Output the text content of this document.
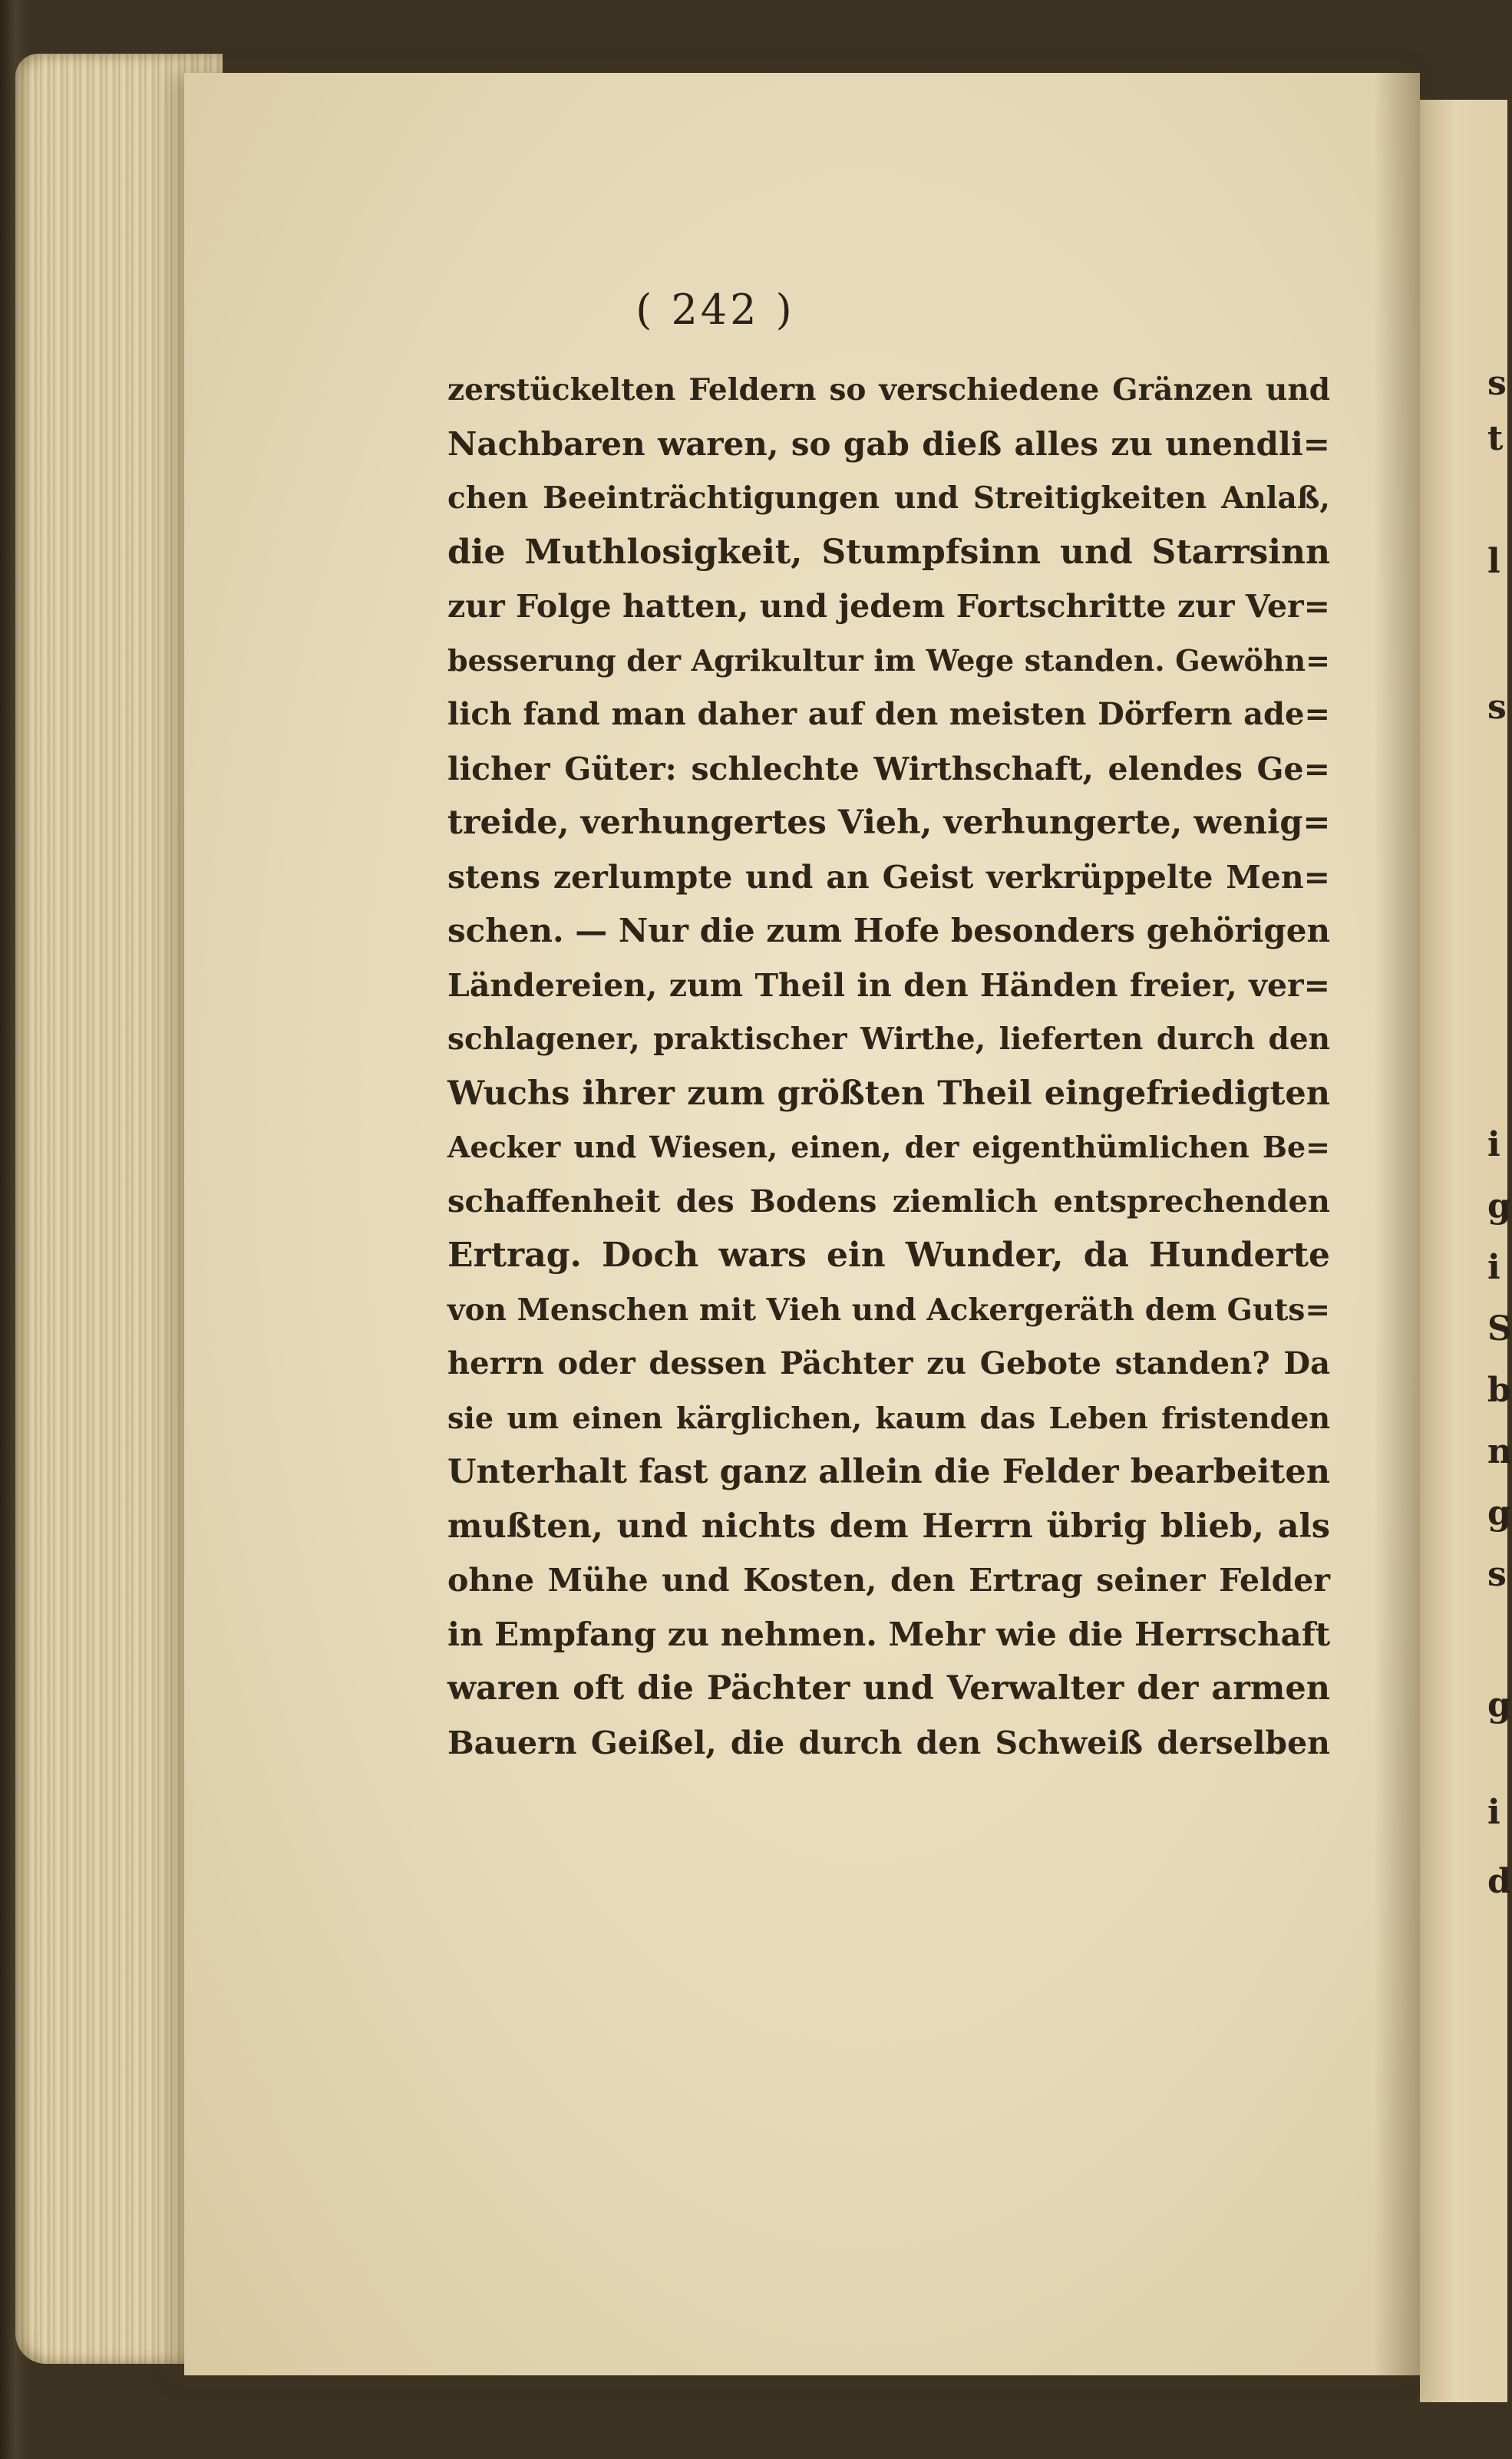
s
t
l
s
i
g
i
S
b
n
g
s
g
i
d
( 242 )
zerstückelten Feldern so verschiedene Gränzen und
Nachbaren waren, so gab dieß alles zu unendli=
chen Beeinträchtigungen und Streitigkeiten Anlaß,
die Muthlosigkeit, Stumpfsinn und Starrsinn
zur Folge hatten, und jedem Fortschritte zur Ver=
besserung der Agrikultur im Wege standen. Gewöhn=
lich fand man daher auf den meisten Dörfern ade=
licher Güter: schlechte Wirthschaft, elendes Ge=
treide, verhungertes Vieh, verhungerte, wenig=
stens zerlumpte und an Geist verkrüppelte Men=
schen. — Nur die zum Hofe besonders gehörigen
Ländereien, zum Theil in den Händen freier, ver=
schlagener, praktischer Wirthe, lieferten durch den
Wuchs ihrer zum größten Theil eingefriedigten
Aecker und Wiesen, einen, der eigenthümlichen Be=
schaffenheit des Bodens ziemlich entsprechenden
Ertrag. Doch wars ein Wunder, da Hunderte
von Menschen mit Vieh und Ackergeräth dem Guts=
herrn oder dessen Pächter zu Gebote standen? Da
sie um einen kärglichen, kaum das Leben fristenden
Unterhalt fast ganz allein die Felder bearbeiten
mußten, und nichts dem Herrn übrig blieb, als
ohne Mühe und Kosten, den Ertrag seiner Felder
in Empfang zu nehmen. Mehr wie die Herrschaft
waren oft die Pächter und Verwalter der armen
Bauern Geißel, die durch den Schweiß derselben
